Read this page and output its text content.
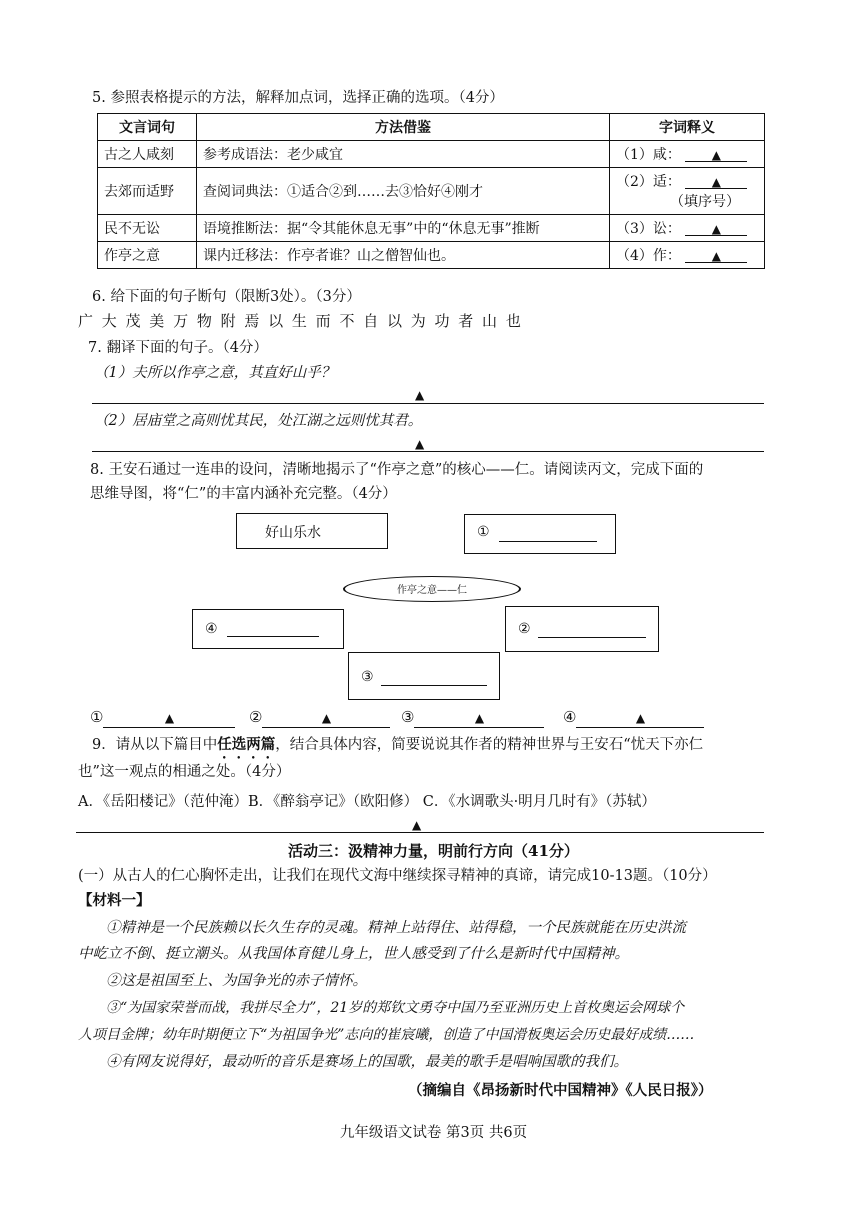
5. 参照表格提示的方法，解释加点词，选择正确的选项。（4分）
文言词句	方法借鉴	字词释义
古之人咸刻	参考成语法：老少咸宜	（1）咸： ▲
去郊而适野	查阅词典法：①适合②到……去③恰好④刚才	（2）适： ▲
（填序号）

民不无讼	语境推断法：据“令其能休息无事”中的“休息无事”推断	（3）讼： ▲
作亭之意	课内迁移法：作亭者谁？山之僧智仙也。	（4）作： ▲
6. 给下面的句子断句（限断3处）。（3分）
广 大 茂 美 万 物 附 焉 以 生 而 不 自 以 为 功 者 山 也
7. 翻译下面的句子。（4分）
（1）夫所以作亭之意，其直好山乎？
▲
（2）居庙堂之高则忧其民，处江湖之远则忧其君。
▲
8. 王安石通过一连串的设问，清晰地揭示了“作亭之意”的核心——仁。请阅读丙文，完成下面的
思维导图，将“仁”的丰富内涵补充完整。（4分）
好山乐水	①
作亭之意——仁
④	②
③
①	▲	②	▲	③	▲	④	▲
9．请从以下篇目中任选两篇，结合具体内容，简要说说其作者的精神世界与王安石“忧天下亦仁
也”这一观点的相通之处。（4分）
A．《岳阳楼记》（范仲淹）B．《醉翁亭记》（欧阳修） C．《水调歌头·明月几时有》（苏轼）
▲
活动三：汲精神力量，明前行方向（41分）
(一）从古人的仁心胸怀走出，让我们在现代文海中继续探寻精神的真谛，请完成10-13题。（10分）
【材料一】
①精神是一个民族赖以长久生存的灵魂。精神上站得住、站得稳，一个民族就能在历史洪流
中屹立不倒、挺立潮头。从我国体育健儿身上，世人感受到了什么是新时代中国精神。
②这是祖国至上、为国争光的赤子情怀。
③“为国家荣誉而战，我拼尽全力”，21岁的郑钦文勇夺中国乃至亚洲历史上首枚奥运会网球个
人项目金牌；幼年时期便立下“为祖国争光”志向的崔宸曦，创造了中国滑板奥运会历史最好成绩……
④有网友说得好，最动听的音乐是赛场上的国歌，最美的歌手是唱响国歌的我们。
（摘编自《昂扬新时代中国精神》《人民日报》）
九年级语文试卷 第3页 共6页
